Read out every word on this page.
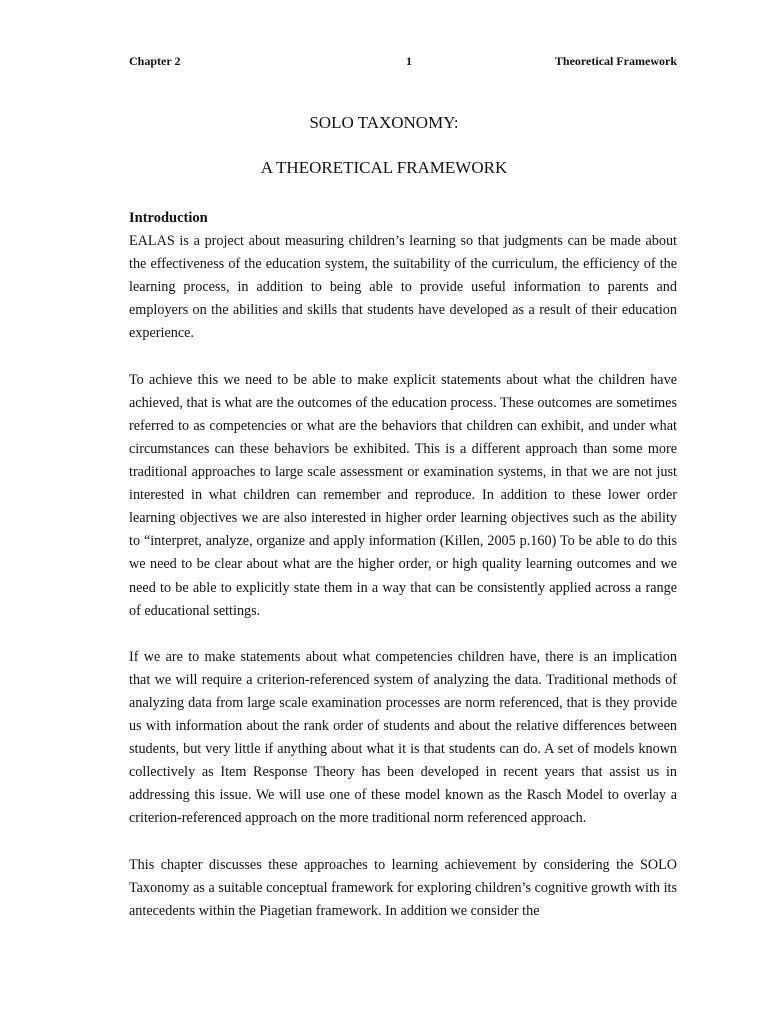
Chapter 2	1	Theoretical Framework
SOLO TAXONOMY:
A THEORETICAL FRAMEWORK
Introduction

EALAS is a project about measuring children’s learning so that judgments can be made about the effectiveness of the education system, the suitability of the curriculum, the efficiency of the learning process, in addition to being able to provide useful information to parents and employers on the abilities and skills that students have developed as a result of their education experience.

To achieve this we need to be able to make explicit statements about what the children have achieved, that is what are the outcomes of the education process. These outcomes are sometimes referred to as competencies or what are the behaviors that children can exhibit, and under what circumstances can these behaviors be exhibited. This is a different approach than some more traditional approaches to large scale assessment or examination systems, in that we are not just interested in what children can remember and reproduce. In addition to these lower order learning objectives we are also interested in higher order learning objectives such as the ability to “interpret, analyze, organize and apply information (Killen, 2005 p.160) To be able to do this we need to be clear about what are the higher order, or high quality learning outcomes and we need to be able to explicitly state them in a way that can be consistently applied across a range of educational settings.

If we are to make statements about what competencies children have, there is an implication that we will require a criterion-referenced system of analyzing the data. Traditional methods of analyzing data from large scale examination processes are norm referenced, that is they provide us with information about the rank order of students and about the relative differences between students, but very little if anything about what it is that students can do. A set of models known collectively as Item Response Theory has been developed in recent years that assist us in addressing this issue. We will use one of these model known as the Rasch Model to overlay a criterion-referenced approach on the more traditional norm referenced approach.

This chapter discusses these approaches to learning achievement by considering the SOLO Taxonomy as a suitable conceptual framework for exploring children’s cognitive growth with its antecedents within the Piagetian framework. In addition we consider the
